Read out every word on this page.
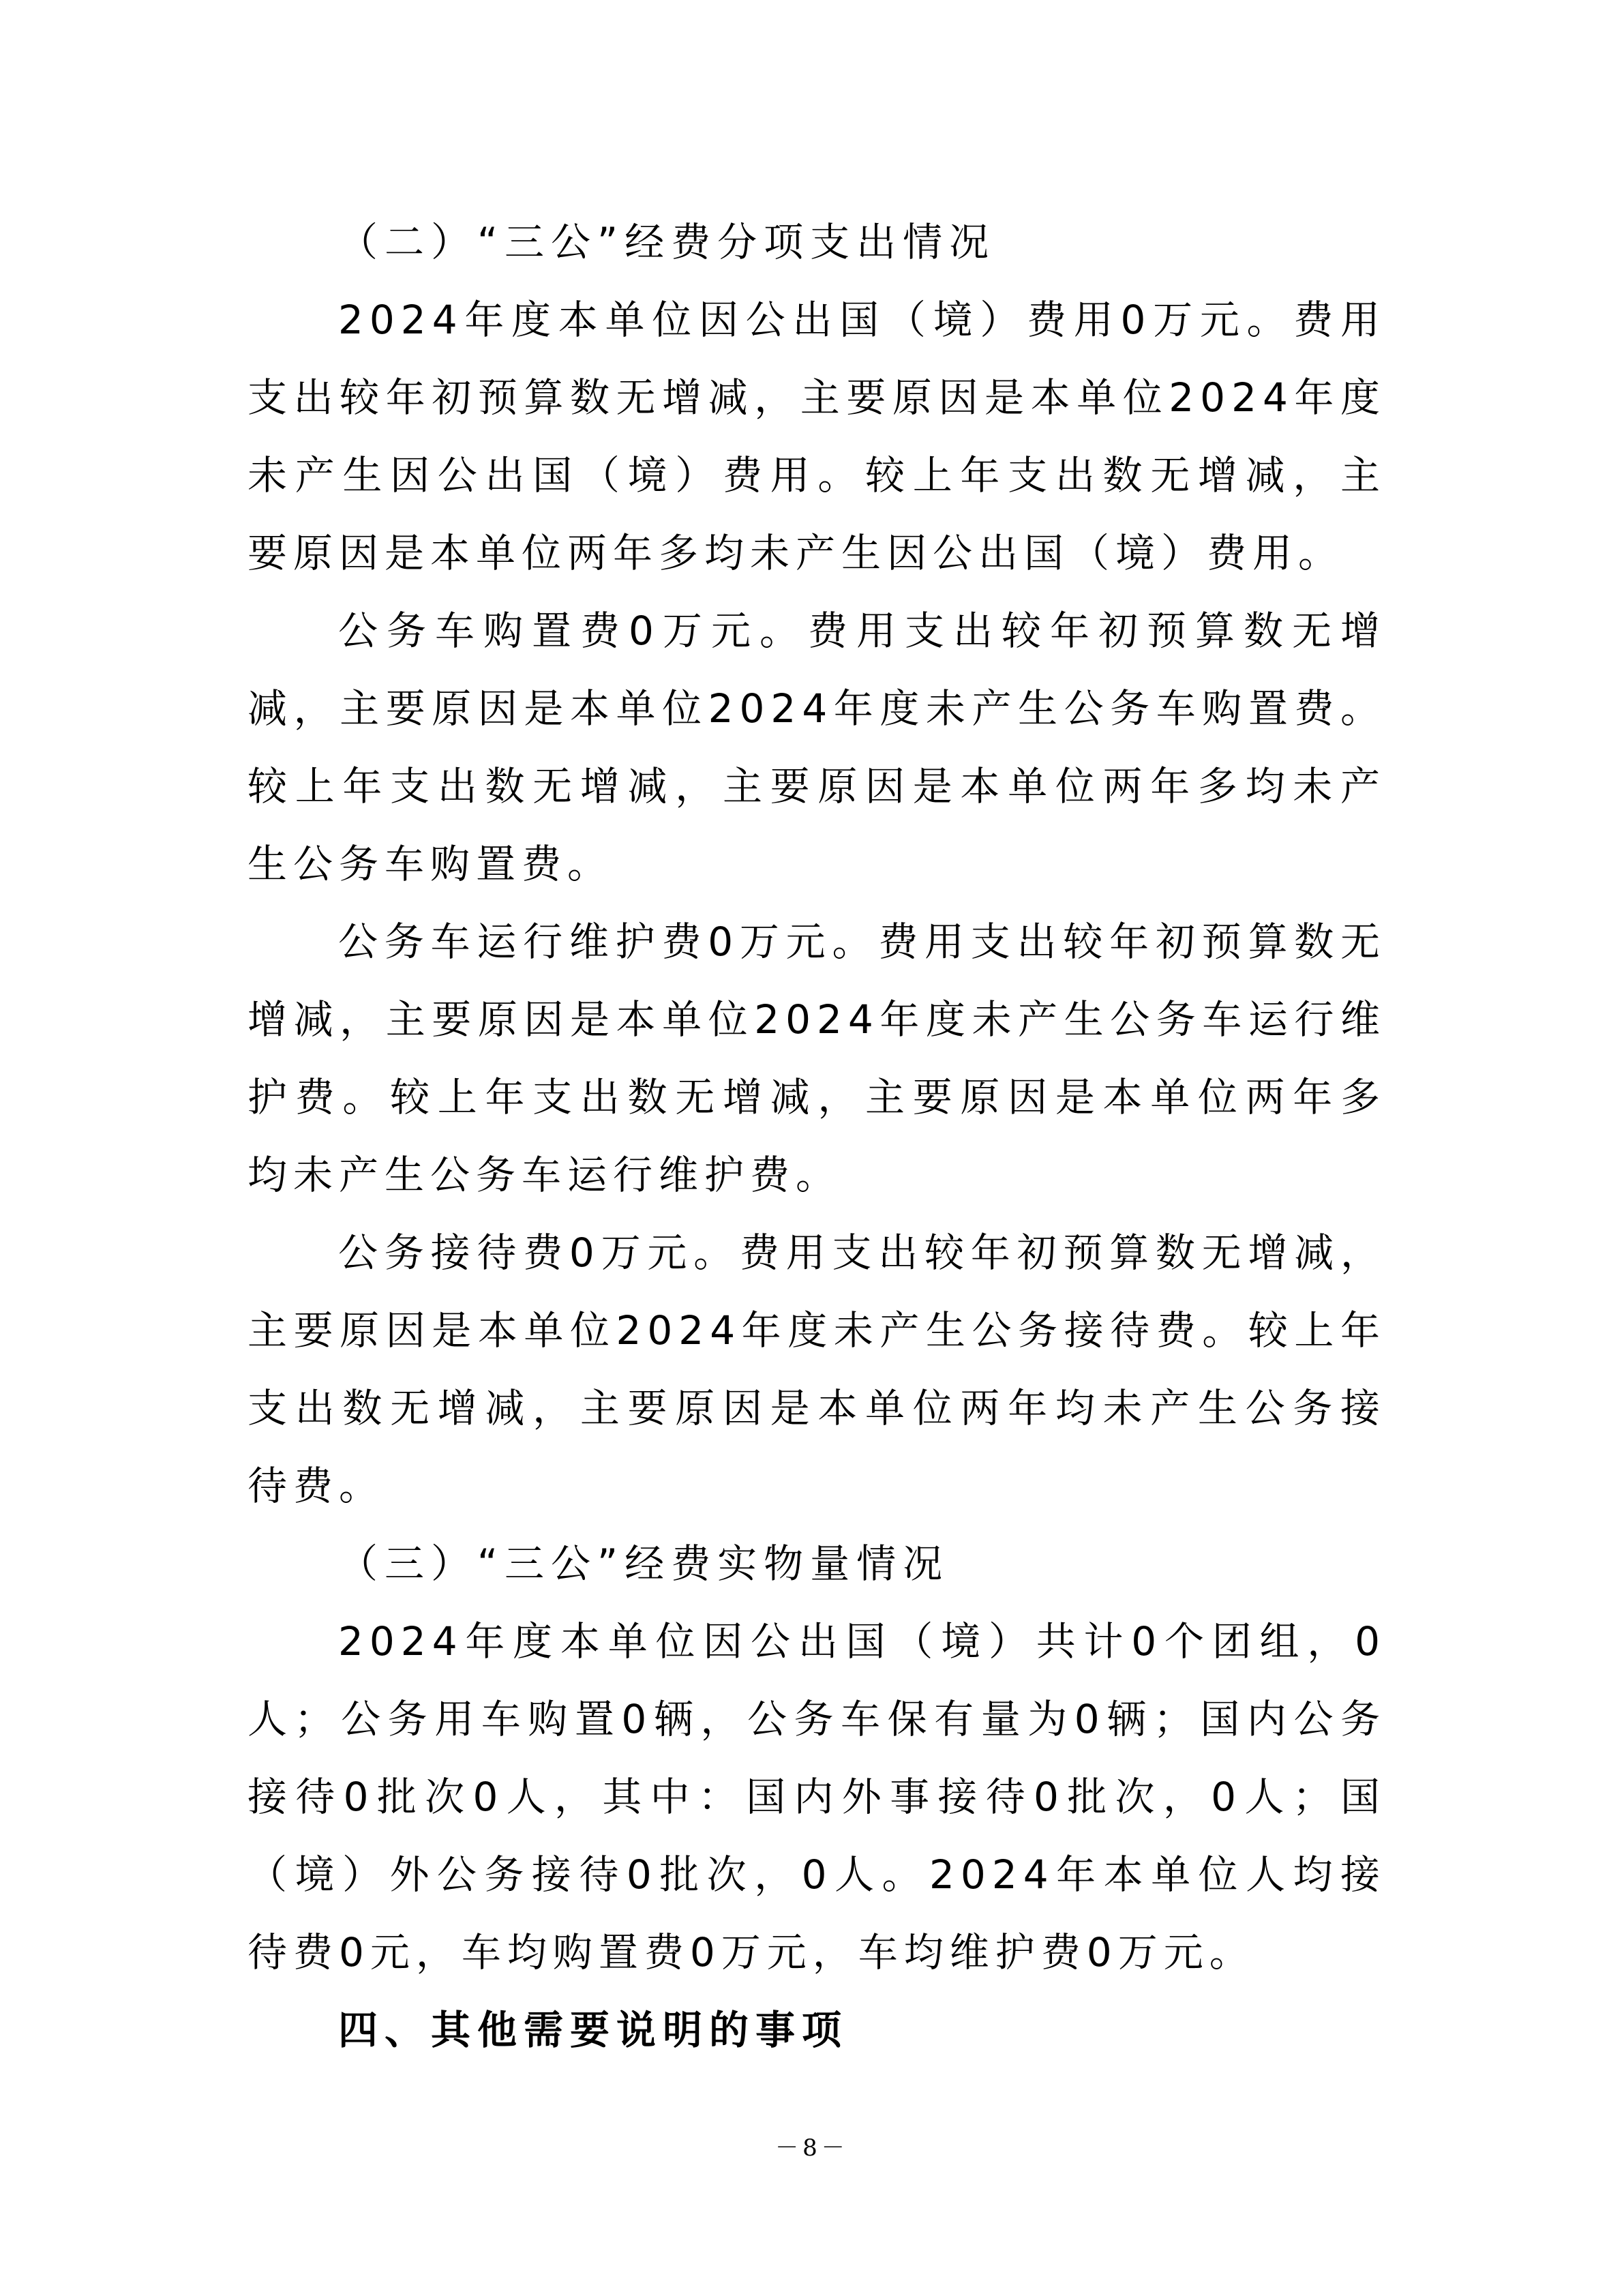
（二）“三公”经费分项支出情况

2024年度本单位因公出国（境）费用0万元。费用支出较年初预算数无增减，主要原因是本单位2024年度未产生因公出国（境）费用。较上年支出数无增减，主要原因是本单位两年多均未产生因公出国（境）费用。

公务车购置费0万元。费用支出较年初预算数无增减，主要原因是本单位2024年度未产生公务车购置费。较上年支出数无增减，主要原因是本单位两年多均未产生公务车购置费。

公务车运行维护费0万元。费用支出较年初预算数无增减，主要原因是本单位2024年度未产生公务车运行维护费。较上年支出数无增减，主要原因是本单位两年多均未产生公务车运行维护费。

公务接待费0万元。费用支出较年初预算数无增减，主要原因是本单位2024年度未产生公务接待费。较上年支出数无增减，主要原因是本单位两年均未产生公务接待费。

（三）“三公”经费实物量情况

2024年度本单位因公出国（境）共计0个团组，0人；公务用车购置0辆，公务车保有量为0辆；国内公务接待0批次0人，其中：国内外事接待0批次，0人；国（境）外公务接待0批次，0人。2024年本单位人均接待费0元，车均购置费0万元，车均维护费0万元。

四、其他需要说明的事项

－8－
